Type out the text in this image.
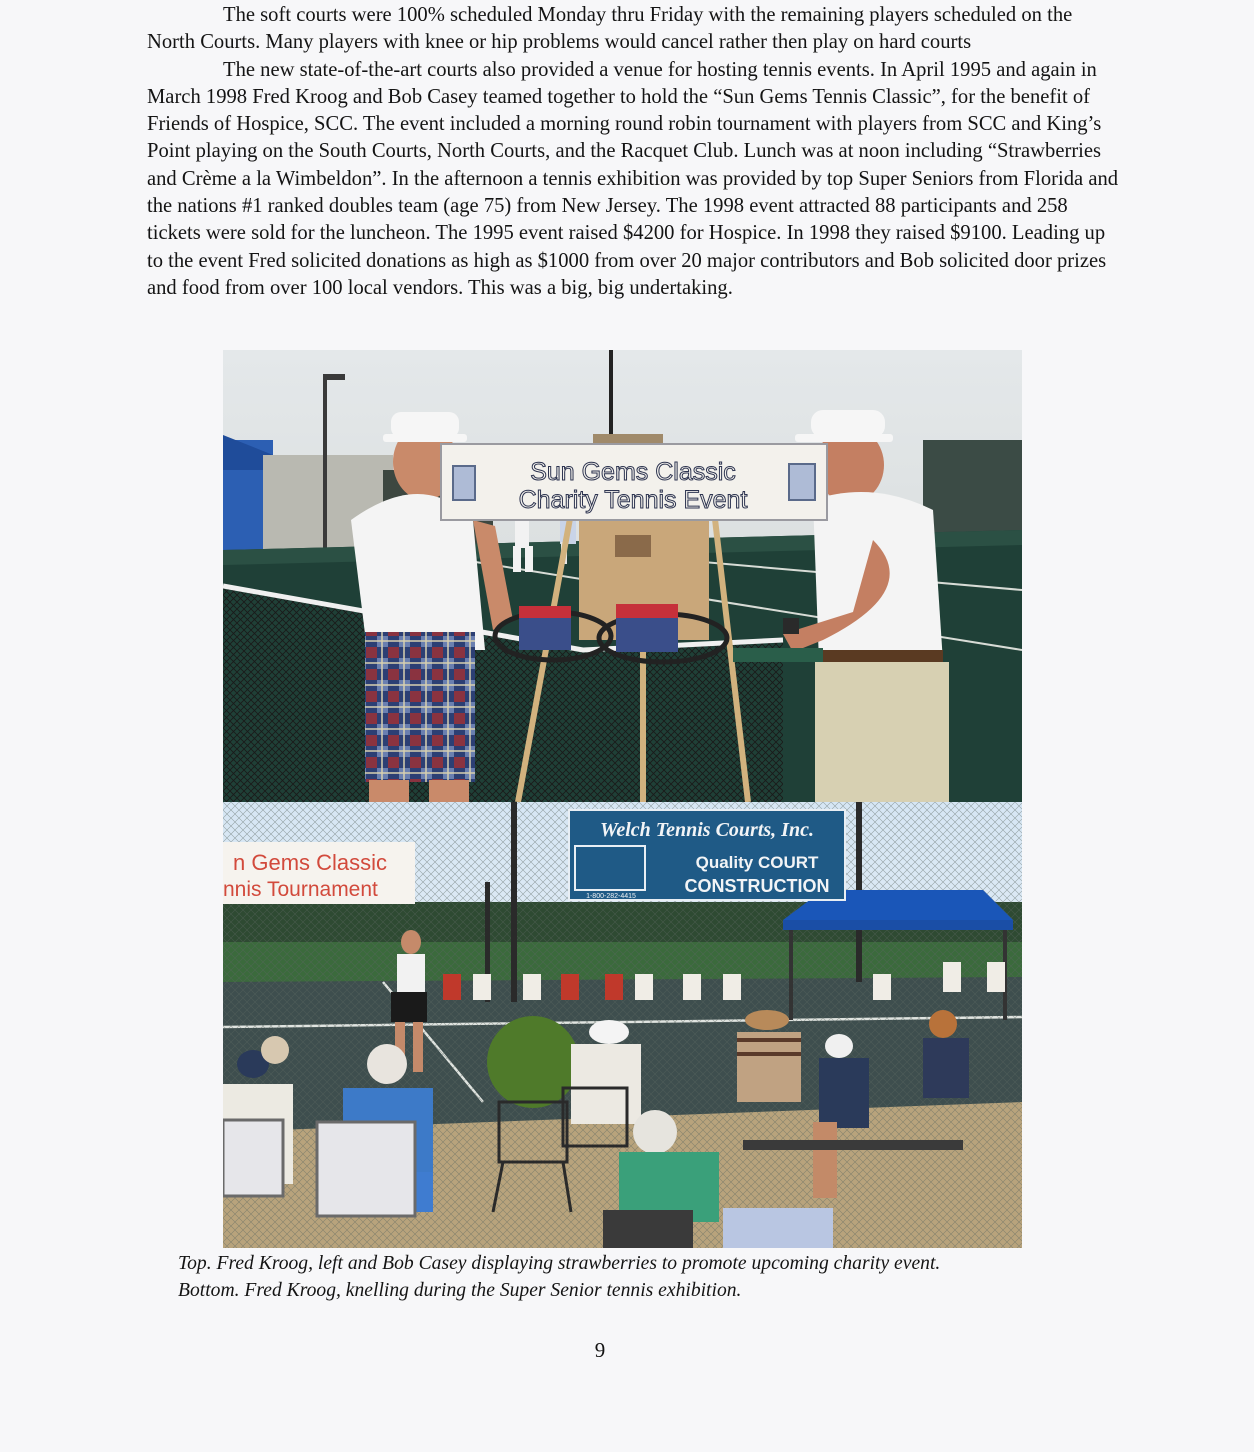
The soft courts were 100% scheduled Monday thru Friday with the remaining players scheduled on the North Courts. Many players with knee or hip problems would cancel rather then play on hard courts

The new state-of-the-art courts also provided a venue for hosting tennis events. In April 1995 and again in March 1998 Fred Kroog and Bob Casey teamed together to hold the “Sun Gems Tennis Classic”, for the benefit of Friends of Hospice, SCC. The event included a morning round robin tournament with players from SCC and King’s Point playing on the South Courts, North Courts, and the Racquet Club. Lunch was at noon including “Strawberries and Crème a la Wimbeldon”. In the afternoon a tennis exhibition was provided by top Super Seniors from Florida and the nations #1 ranked doubles team (age 75) from New Jersey. The 1998 event attracted 88 participants and 258 tickets were sold for the luncheon. The 1995 event raised $4200 for Hospice. In 1998 they raised $9100. Leading up to the event Fred solicited donations as high as $1000 from over 20 major contributors and Bob solicited door prizes and food from over 100 local vendors. This was a big, big undertaking.

Sun Gems Classic
Charity Tennis Event
Welch Tennis Courts, Inc.
Quality COURT
CONSTRUCTION
1-800-282-4415
n Gems Classic
nnis Tournament
Top. Fred Kroog, left and Bob Casey displaying strawberries to promote upcoming charity event.
Bottom. Fred Kroog, knelling during the Super Senior tennis exhibition.
9
